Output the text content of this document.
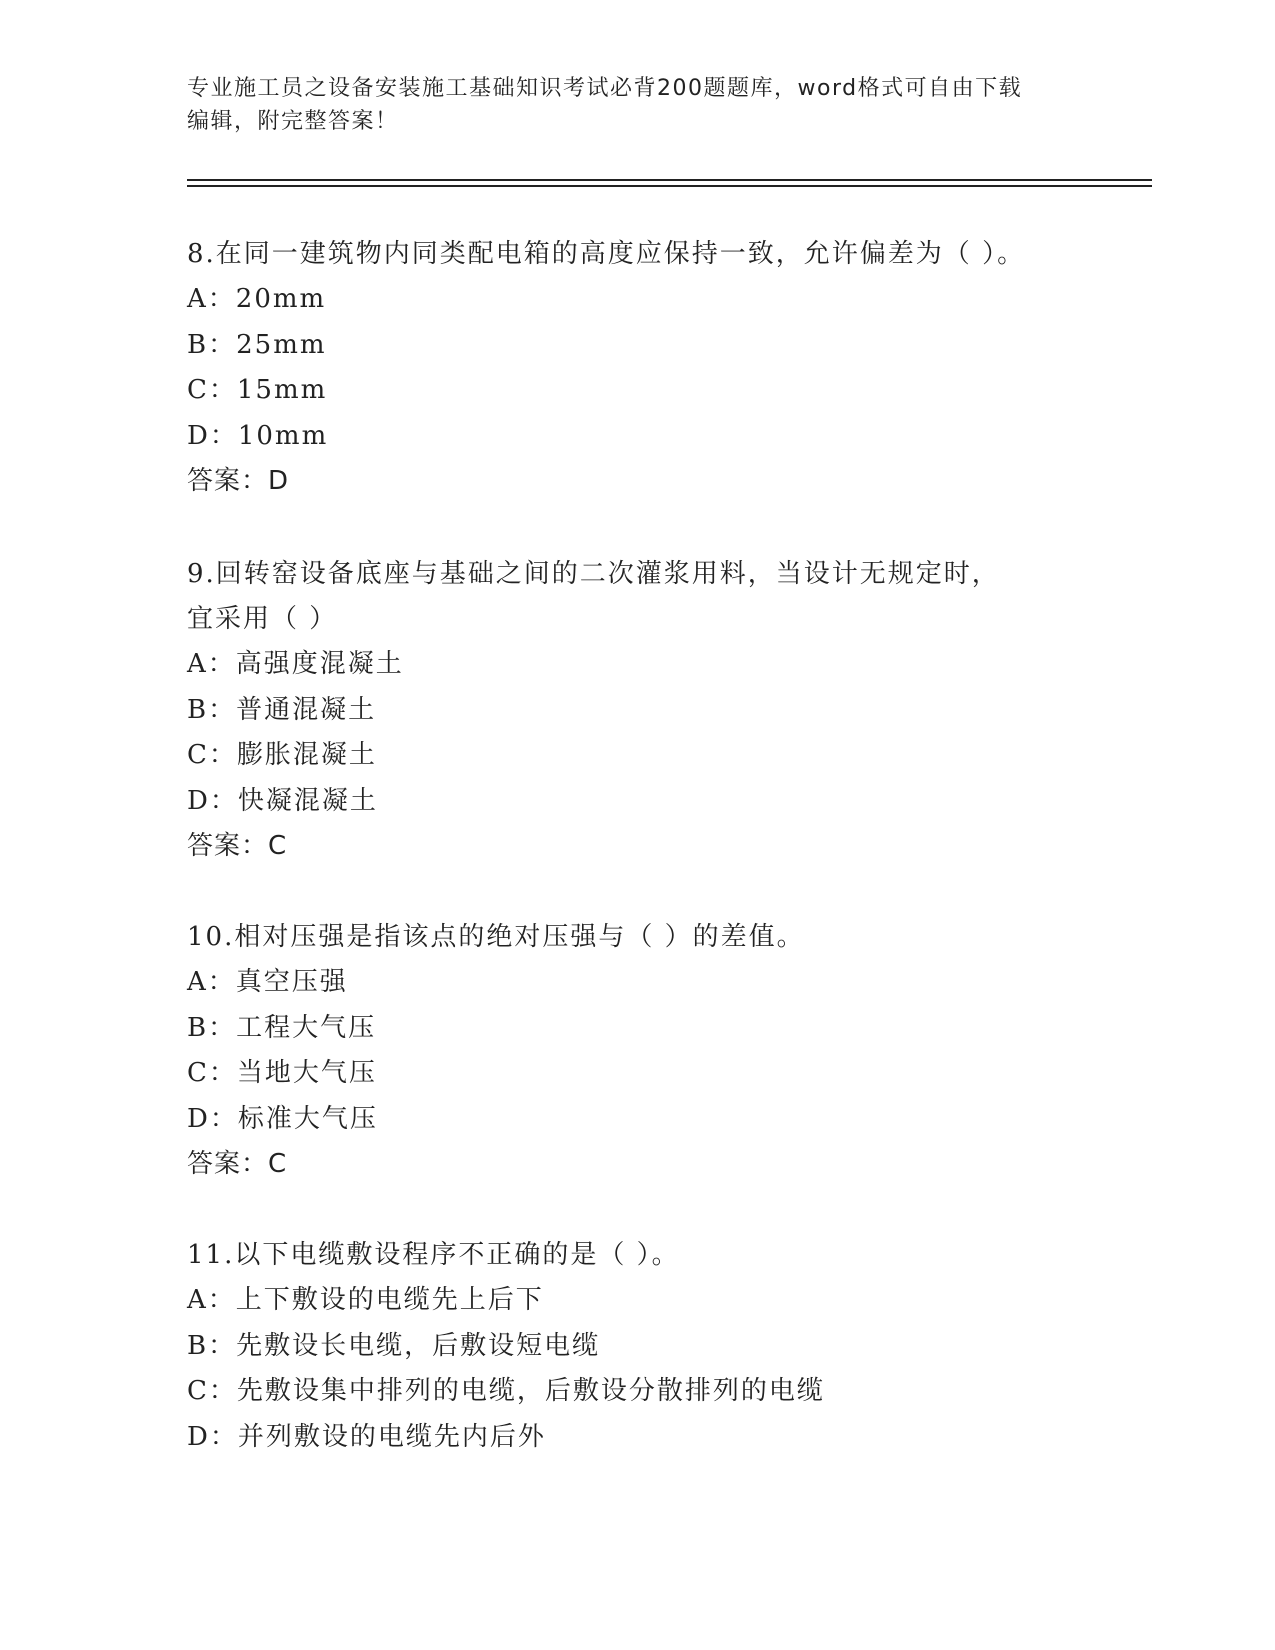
专业施工员之设备安装施工基础知识考试必背200题题库，word格式可自由下载
编辑，附完整答案！

8.在同一建筑物内同类配电箱的高度应保持一致，允许偏差为（ ）。

A：20mm
B：25mm
C：15mm
D：10mm
答案：D

9.回转窑设备底座与基础之间的二次灌浆用料，当设计无规定时，宜采用（ ）

A：高强度混凝土
B：普通混凝土
C：膨胀混凝土
D：快凝混凝土
答案：C

10.相对压强是指该点的绝对压强与（ ）的差值。

A：真空压强
B：工程大气压
C：当地大气压
D：标准大气压
答案：C

11.以下电缆敷设程序不正确的是（ ）。

A：上下敷设的电缆先上后下
B：先敷设长电缆，后敷设短电缆
C：先敷设集中排列的电缆，后敷设分散排列的电缆
D：并列敷设的电缆先内后外
